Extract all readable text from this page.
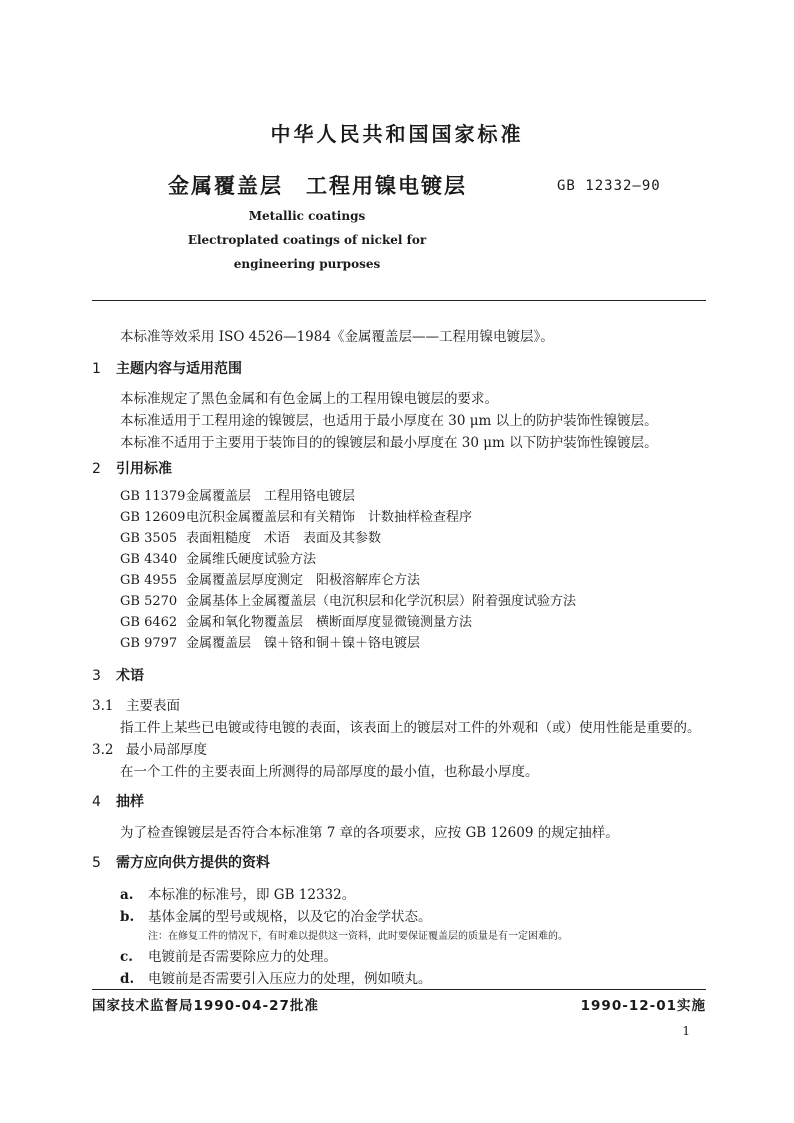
中华人民共和国国家标准
金属覆盖层　工程用镍电镀层	GB 12332—90
Metallic coatings
Electroplated coatings of nickel for
engineering purposes
本标准等效采用 ISO 4526—1984《金属覆盖层——工程用镍电镀层》。
1 主题内容与适用范围
本标准规定了黑色金属和有色金属上的工程用镍电镀层的要求。
本标准适用于工程用途的镍镀层，也适用于最小厚度在 30 μm 以上的防护装饰性镍镀层。
本标准不适用于主要用于装饰目的的镍镀层和最小厚度在 30 μm 以下防护装饰性镍镀层。
2 引用标准
GB 11379金属覆盖层　工程用铬电镀层
GB 12609电沉积金属覆盖层和有关精饰　计数抽样检查程序
GB 3505 表面粗糙度　术语　表面及其参数
GB 4340 金属维氏硬度试验方法
GB 4955 金属覆盖层厚度测定　阳极溶解库仑方法
GB 5270 金属基体上金属覆盖层（电沉积层和化学沉积层）附着强度试验方法
GB 6462 金属和氧化物覆盖层　横断面厚度显微镜测量方法
GB 9797 金属覆盖层　镍＋铬和铜＋镍＋铬电镀层
3 术语
3.1 主要表面
指工件上某些已电镀或待电镀的表面，该表面上的镀层对工件的外观和（或）使用性能是重要的。
3.2 最小局部厚度
在一个工件的主要表面上所测得的局部厚度的最小值，也称最小厚度。
4 抽样
为了检查镍镀层是否符合本标准第 7 章的各项要求，应按 GB 12609 的规定抽样。
5 需方应向供方提供的资料
a. 本标准的标准号，即 GB 12332。
b. 基体金属的型号或规格，以及它的冶金学状态。
注：在修复工件的情况下，有时难以提供这一资料，此时要保证覆盖层的质量是有一定困难的。
c. 电镀前是否需要除应力的处理。
d. 电镀前是否需要引入压应力的处理，例如喷丸。
国家技术监督局1990-04-27批准	1990-12-01实施
1
